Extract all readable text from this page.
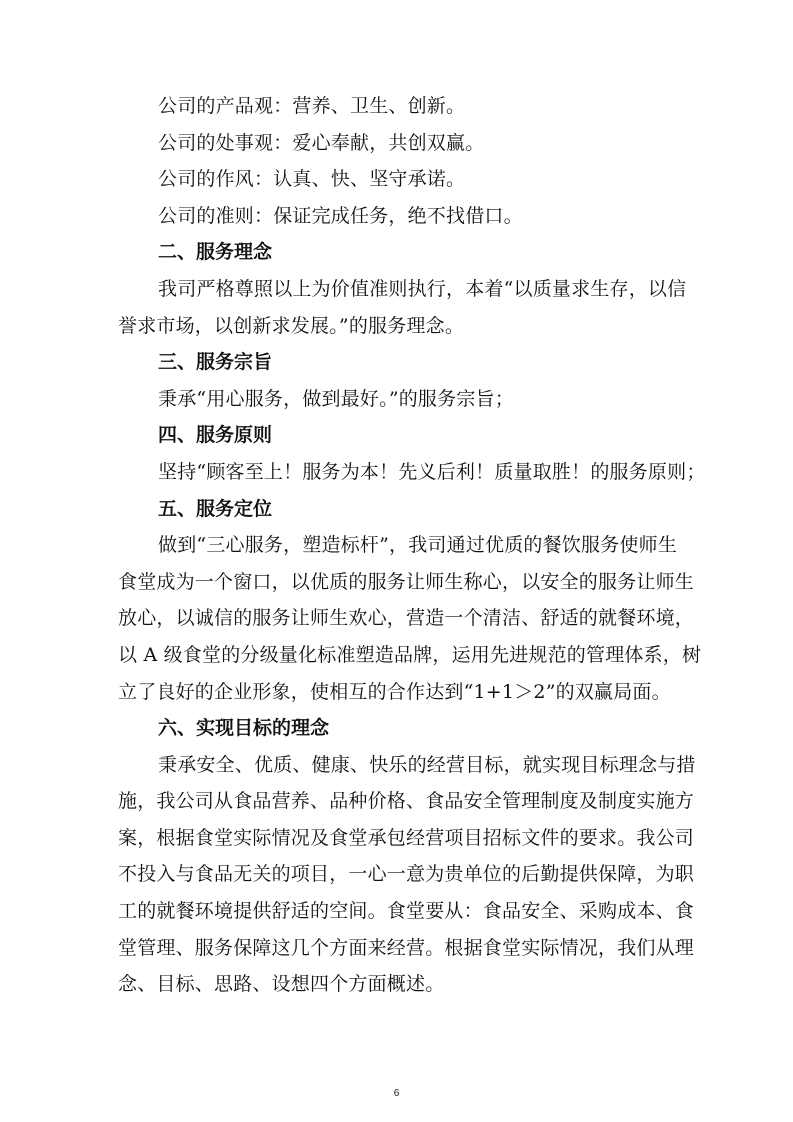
公司的产品观：营养、卫生、创新。
公司的处事观：爱心奉献，共创双赢。
公司的作风：认真、快、坚守承诺。
公司的准则：保证完成任务，绝不找借口。
二、服务理念
我司严格尊照以上为价值准则执行，本着“以质量求生存，以信
誉求市场，以创新求发展。”的服务理念。
三、服务宗旨
秉承“用心服务，做到最好。”的服务宗旨；
四、服务原则
坚持“顾客至上！服务为本！先义后利！质量取胜！的服务原则；
五、服务定位
做到“三心服务，塑造标杆”，我司通过优质的餐饮服务使师生
食堂成为一个窗口，以优质的服务让师生称心，以安全的服务让师生
放心，以诚信的服务让师生欢心，营造一个清洁、舒适的就餐环境，
以 A 级食堂的分级量化标准塑造品牌，运用先进规范的管理体系，树
立了良好的企业形象，使相互的合作达到“1+1＞2”的双赢局面。
六、实现目标的理念
秉承安全、优质、健康、快乐的经营目标，就实现目标理念与措
施，我公司从食品营养、品种价格、食品安全管理制度及制度实施方
案，根据食堂实际情况及食堂承包经营项目招标文件的要求。我公司
不投入与食品无关的项目，一心一意为贵单位的后勤提供保障，为职
工的就餐环境提供舒适的空间。食堂要从：食品安全、采购成本、食
堂管理、服务保障这几个方面来经营。根据食堂实际情况，我们从理
念、目标、思路、设想四个方面概述。
6
